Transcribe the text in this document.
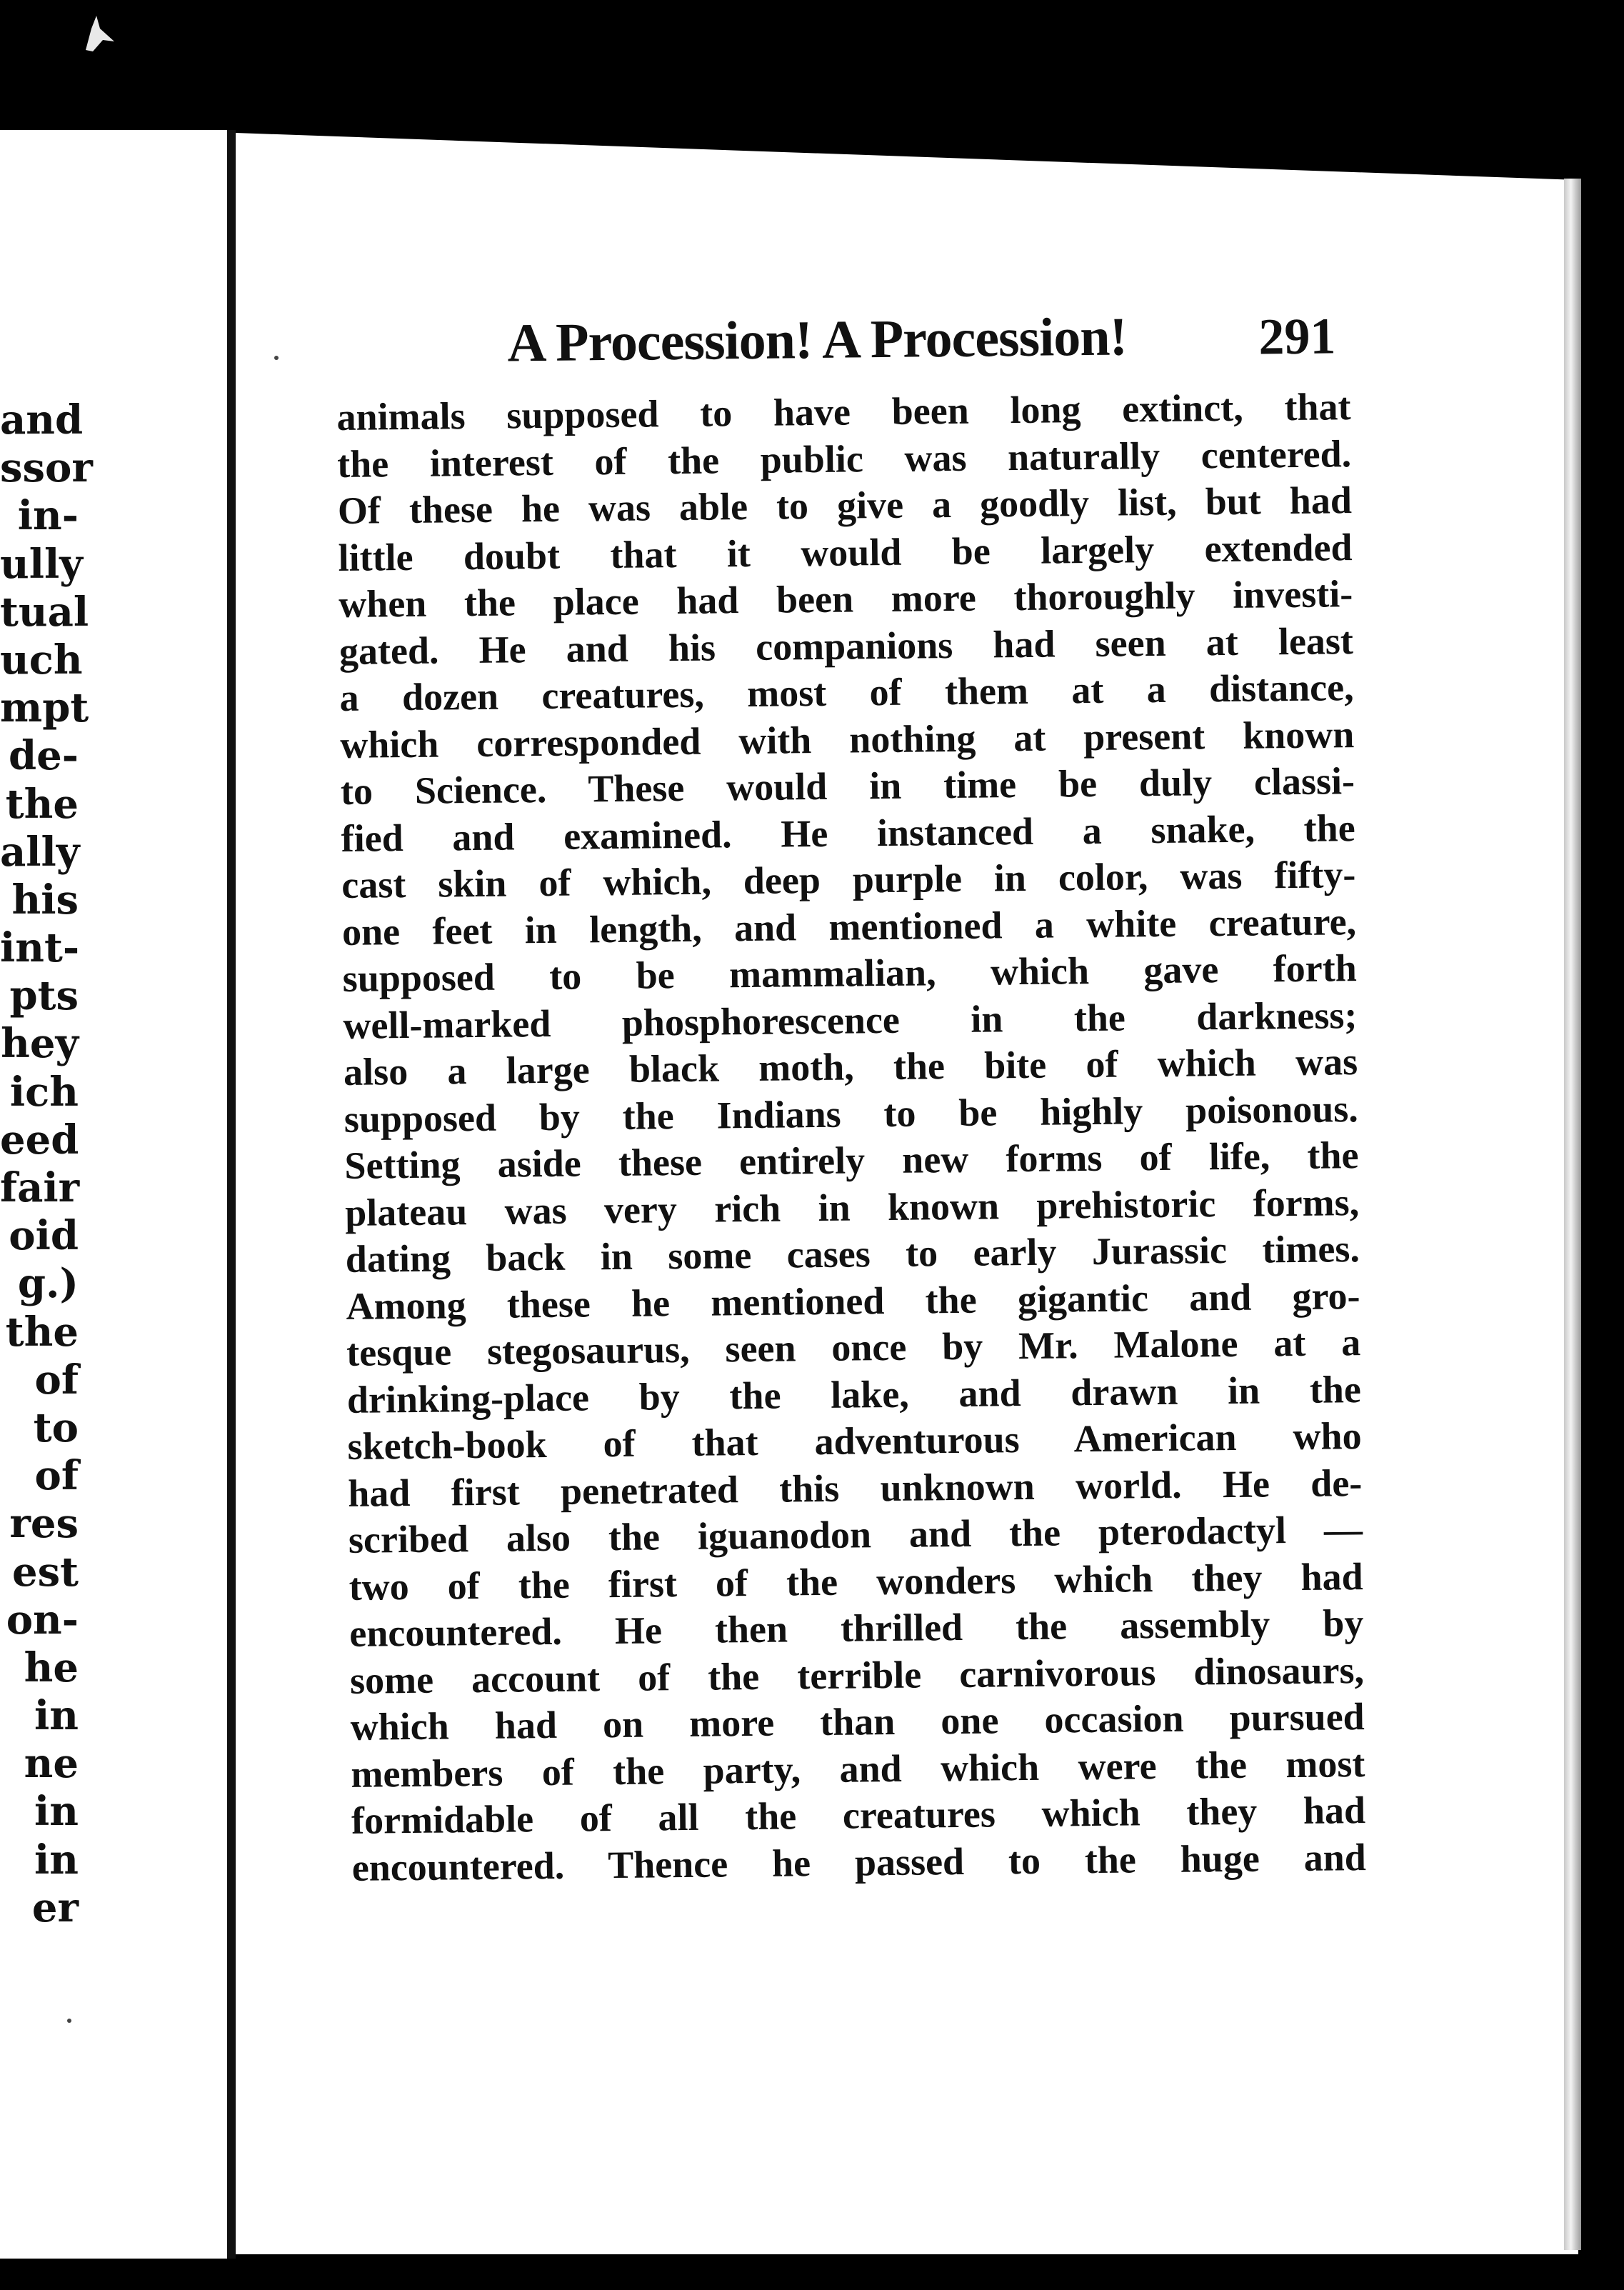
and
ssor
in-
ully
tual
uch
mpt
de-
the
ally
his
int-
pts
hey
ich
eed
fair
oid
g.)
the
of
to
of
res
est
on-
he
in
ne
in
in
er
A Procession! A Procession!	291
animals supposed to have been long extinct, that
the interest of the public was naturally centered.
Of these he was able to give a goodly list, but had
little doubt that it would be largely extended
when the place had been more thoroughly investi-
gated. He and his companions had seen at least
a dozen creatures, most of them at a distance,
which corresponded with nothing at present known
to Science. These would in time be duly classi-
fied and examined. He instanced a snake, the
cast skin of which, deep purple in color, was fifty-
one feet in length, and mentioned a white creature,
supposed to be mammalian, which gave forth
well-marked phosphorescence in the darkness;
also a large black moth, the bite of which was
supposed by the Indians to be highly poisonous.
Setting aside these entirely new forms of life, the
plateau was very rich in known prehistoric forms,
dating back in some cases to early Jurassic times.
Among these he mentioned the gigantic and gro-
tesque stegosaurus, seen once by Mr. Malone at a
drinking-place by the lake, and drawn in the
sketch-book of that adventurous American who
had first penetrated this unknown world. He de-
scribed also the iguanodon and the pterodactyl —
two of the first of the wonders which they had
encountered. He then thrilled the assembly by
some account of the terrible carnivorous dinosaurs,
which had on more than one occasion pursued
members of the party, and which were the most
formidable of all the creatures which they had
encountered. Thence he passed to the huge and
